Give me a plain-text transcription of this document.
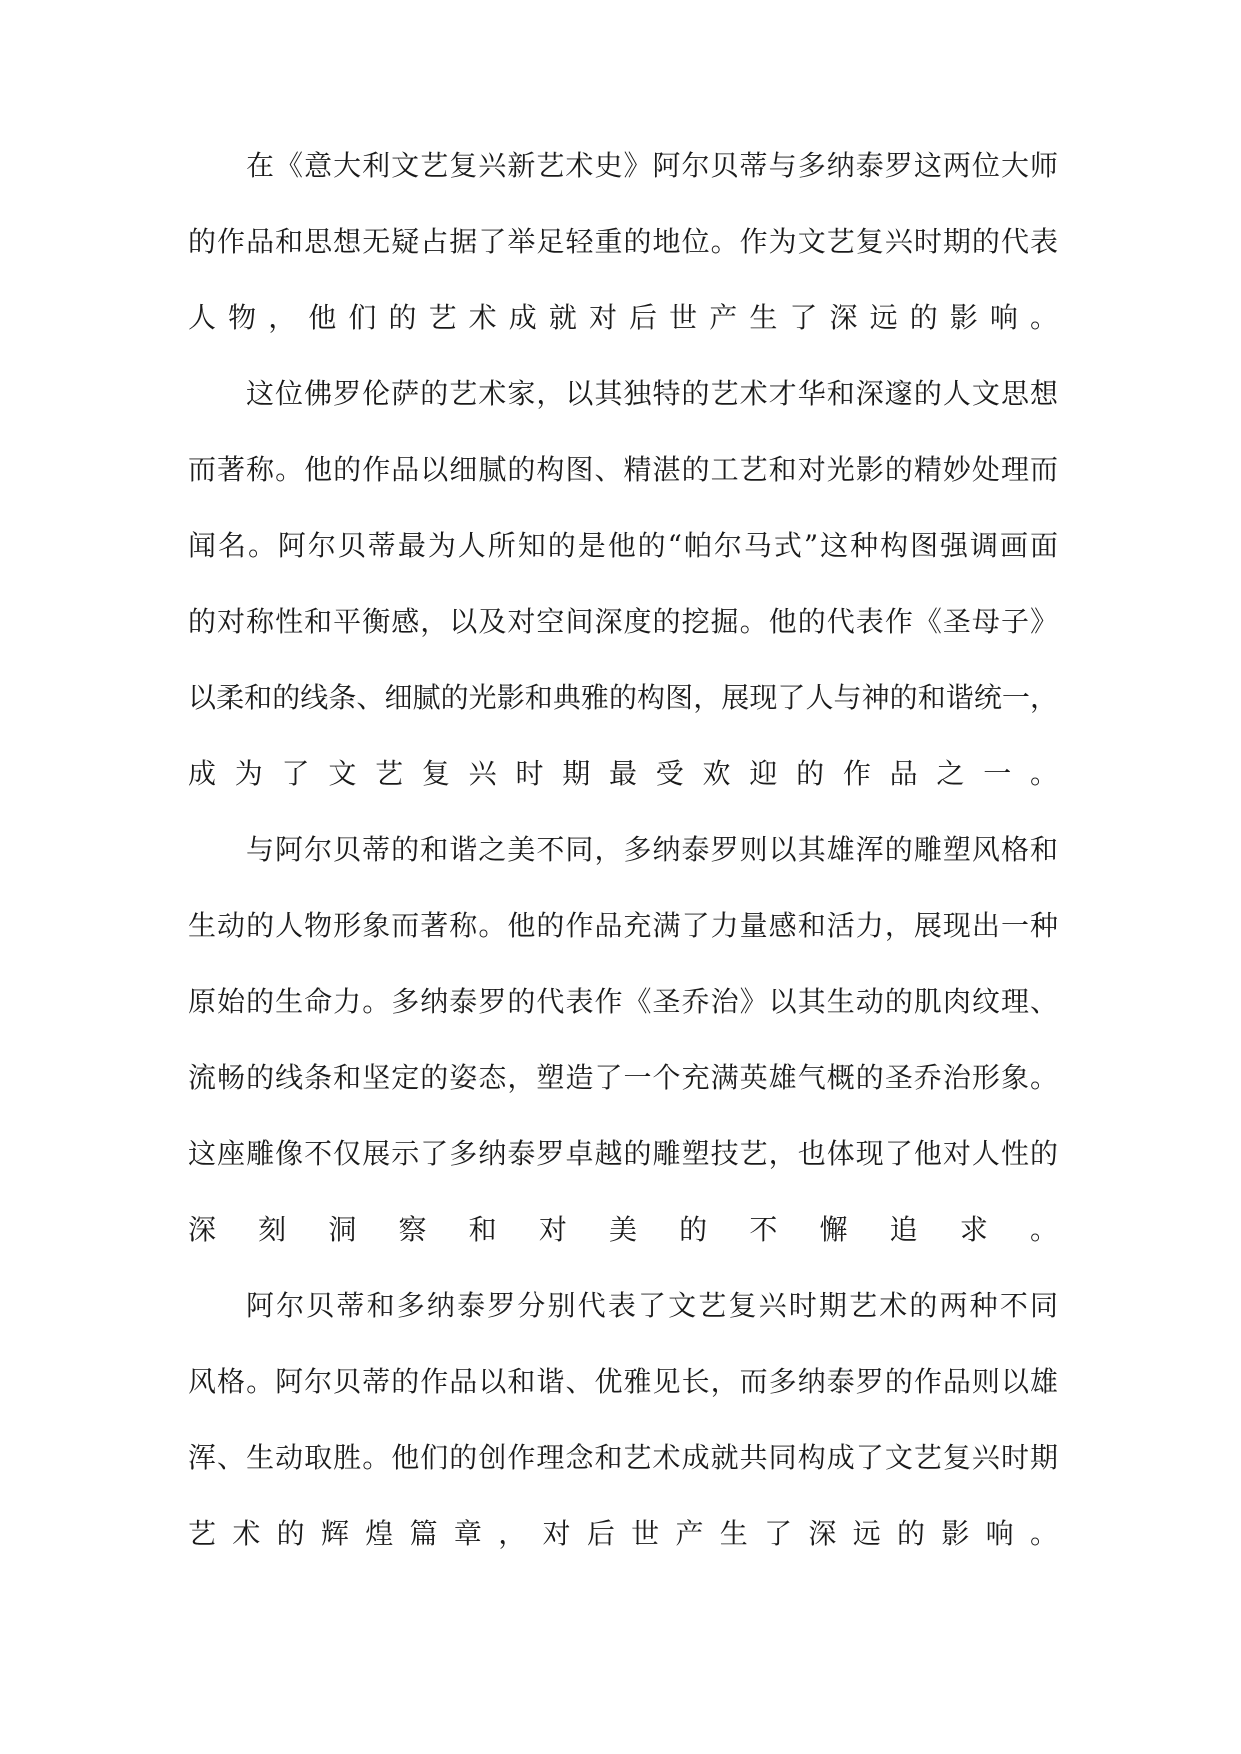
在《意大利文艺复兴新艺术史》阿尔贝蒂与多纳泰罗这两位大师
的作品和思想无疑占据了举足轻重的地位。作为文艺复兴时期的代表
人物，他们的艺术成就对后世产生了深远的影响。
这位佛罗伦萨的艺术家，以其独特的艺术才华和深邃的人文思想
而著称。他的作品以细腻的构图、精湛的工艺和对光影的精妙处理而
闻名。阿尔贝蒂最为人所知的是他的“帕尔马式”这种构图强调画面
的对称性和平衡感，以及对空间深度的挖掘。他的代表作《圣母子》
以柔和的线条、细腻的光影和典雅的构图，展现了人与神的和谐统一，
成为了文艺复兴时期最受欢迎的作品之一。
与阿尔贝蒂的和谐之美不同，多纳泰罗则以其雄浑的雕塑风格和
生动的人物形象而著称。他的作品充满了力量感和活力，展现出一种
原始的生命力。多纳泰罗的代表作《圣乔治》以其生动的肌肉纹理、
流畅的线条和坚定的姿态，塑造了一个充满英雄气概的圣乔治形象。
这座雕像不仅展示了多纳泰罗卓越的雕塑技艺，也体现了他对人性的
深刻洞察和对美的不懈追求。
阿尔贝蒂和多纳泰罗分别代表了文艺复兴时期艺术的两种不同
风格。阿尔贝蒂的作品以和谐、优雅见长，而多纳泰罗的作品则以雄
浑、生动取胜。他们的创作理念和艺术成就共同构成了文艺复兴时期
艺术的辉煌篇章，对后世产生了深远的影响。
